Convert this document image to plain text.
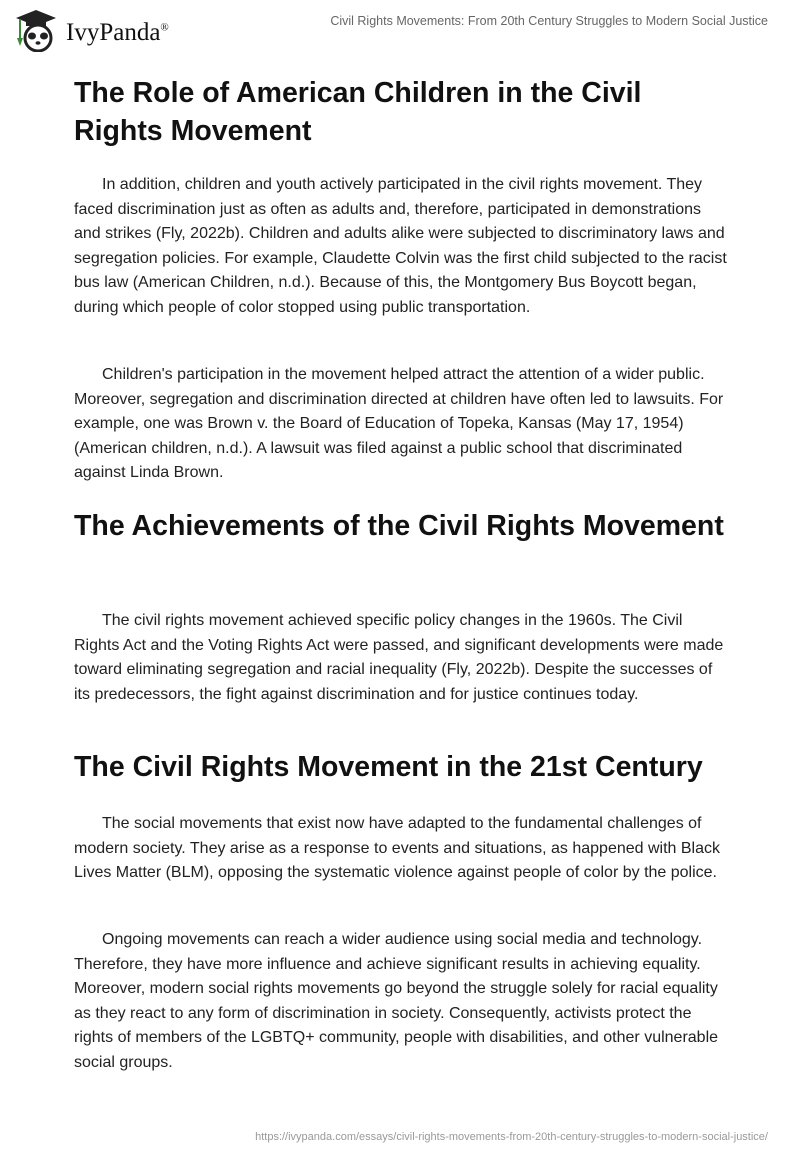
IvyPanda®	Civil Rights Movements: From 20th Century Struggles to Modern Social Justice
The Role of American Children in the Civil Rights Movement

In addition, children and youth actively participated in the civil rights movement. They faced discrimination just as often as adults and, therefore, participated in demonstrations and strikes (Fly, 2022b). Children and adults alike were subjected to discriminatory laws and segregation policies. For example, Claudette Colvin was the first child subjected to the racist bus law (American Children, n.d.). Because of this, the Montgomery Bus Boycott began, during which people of color stopped using public transportation.

Children's participation in the movement helped attract the attention of a wider public. Moreover, segregation and discrimination directed at children have often led to lawsuits. For example, one was Brown v. the Board of Education of Topeka, Kansas (May 17, 1954) (American children, n.d.). A lawsuit was filed against a public school that discriminated against Linda Brown.

The Achievements of the Civil Rights Movement

The civil rights movement achieved specific policy changes in the 1960s. The Civil Rights Act and the Voting Rights Act were passed, and significant developments were made toward eliminating segregation and racial inequality (Fly, 2022b). Despite the successes of its predecessors, the fight against discrimination and for justice continues today.

The Civil Rights Movement in the 21st Century

The social movements that exist now have adapted to the fundamental challenges of modern society. They arise as a response to events and situations, as happened with Black Lives Matter (BLM), opposing the systematic violence against people of color by the police.

Ongoing movements can reach a wider audience using social media and technology. Therefore, they have more influence and achieve significant results in achieving equality. Moreover, modern social rights movements go beyond the struggle solely for racial equality as they react to any form of discrimination in society. Consequently, activists protect the rights of members of the LGBTQ+ community, people with disabilities, and other vulnerable social groups.

https://ivypanda.com/essays/civil-rights-movements-from-20th-century-struggles-to-modern-social-justice/
